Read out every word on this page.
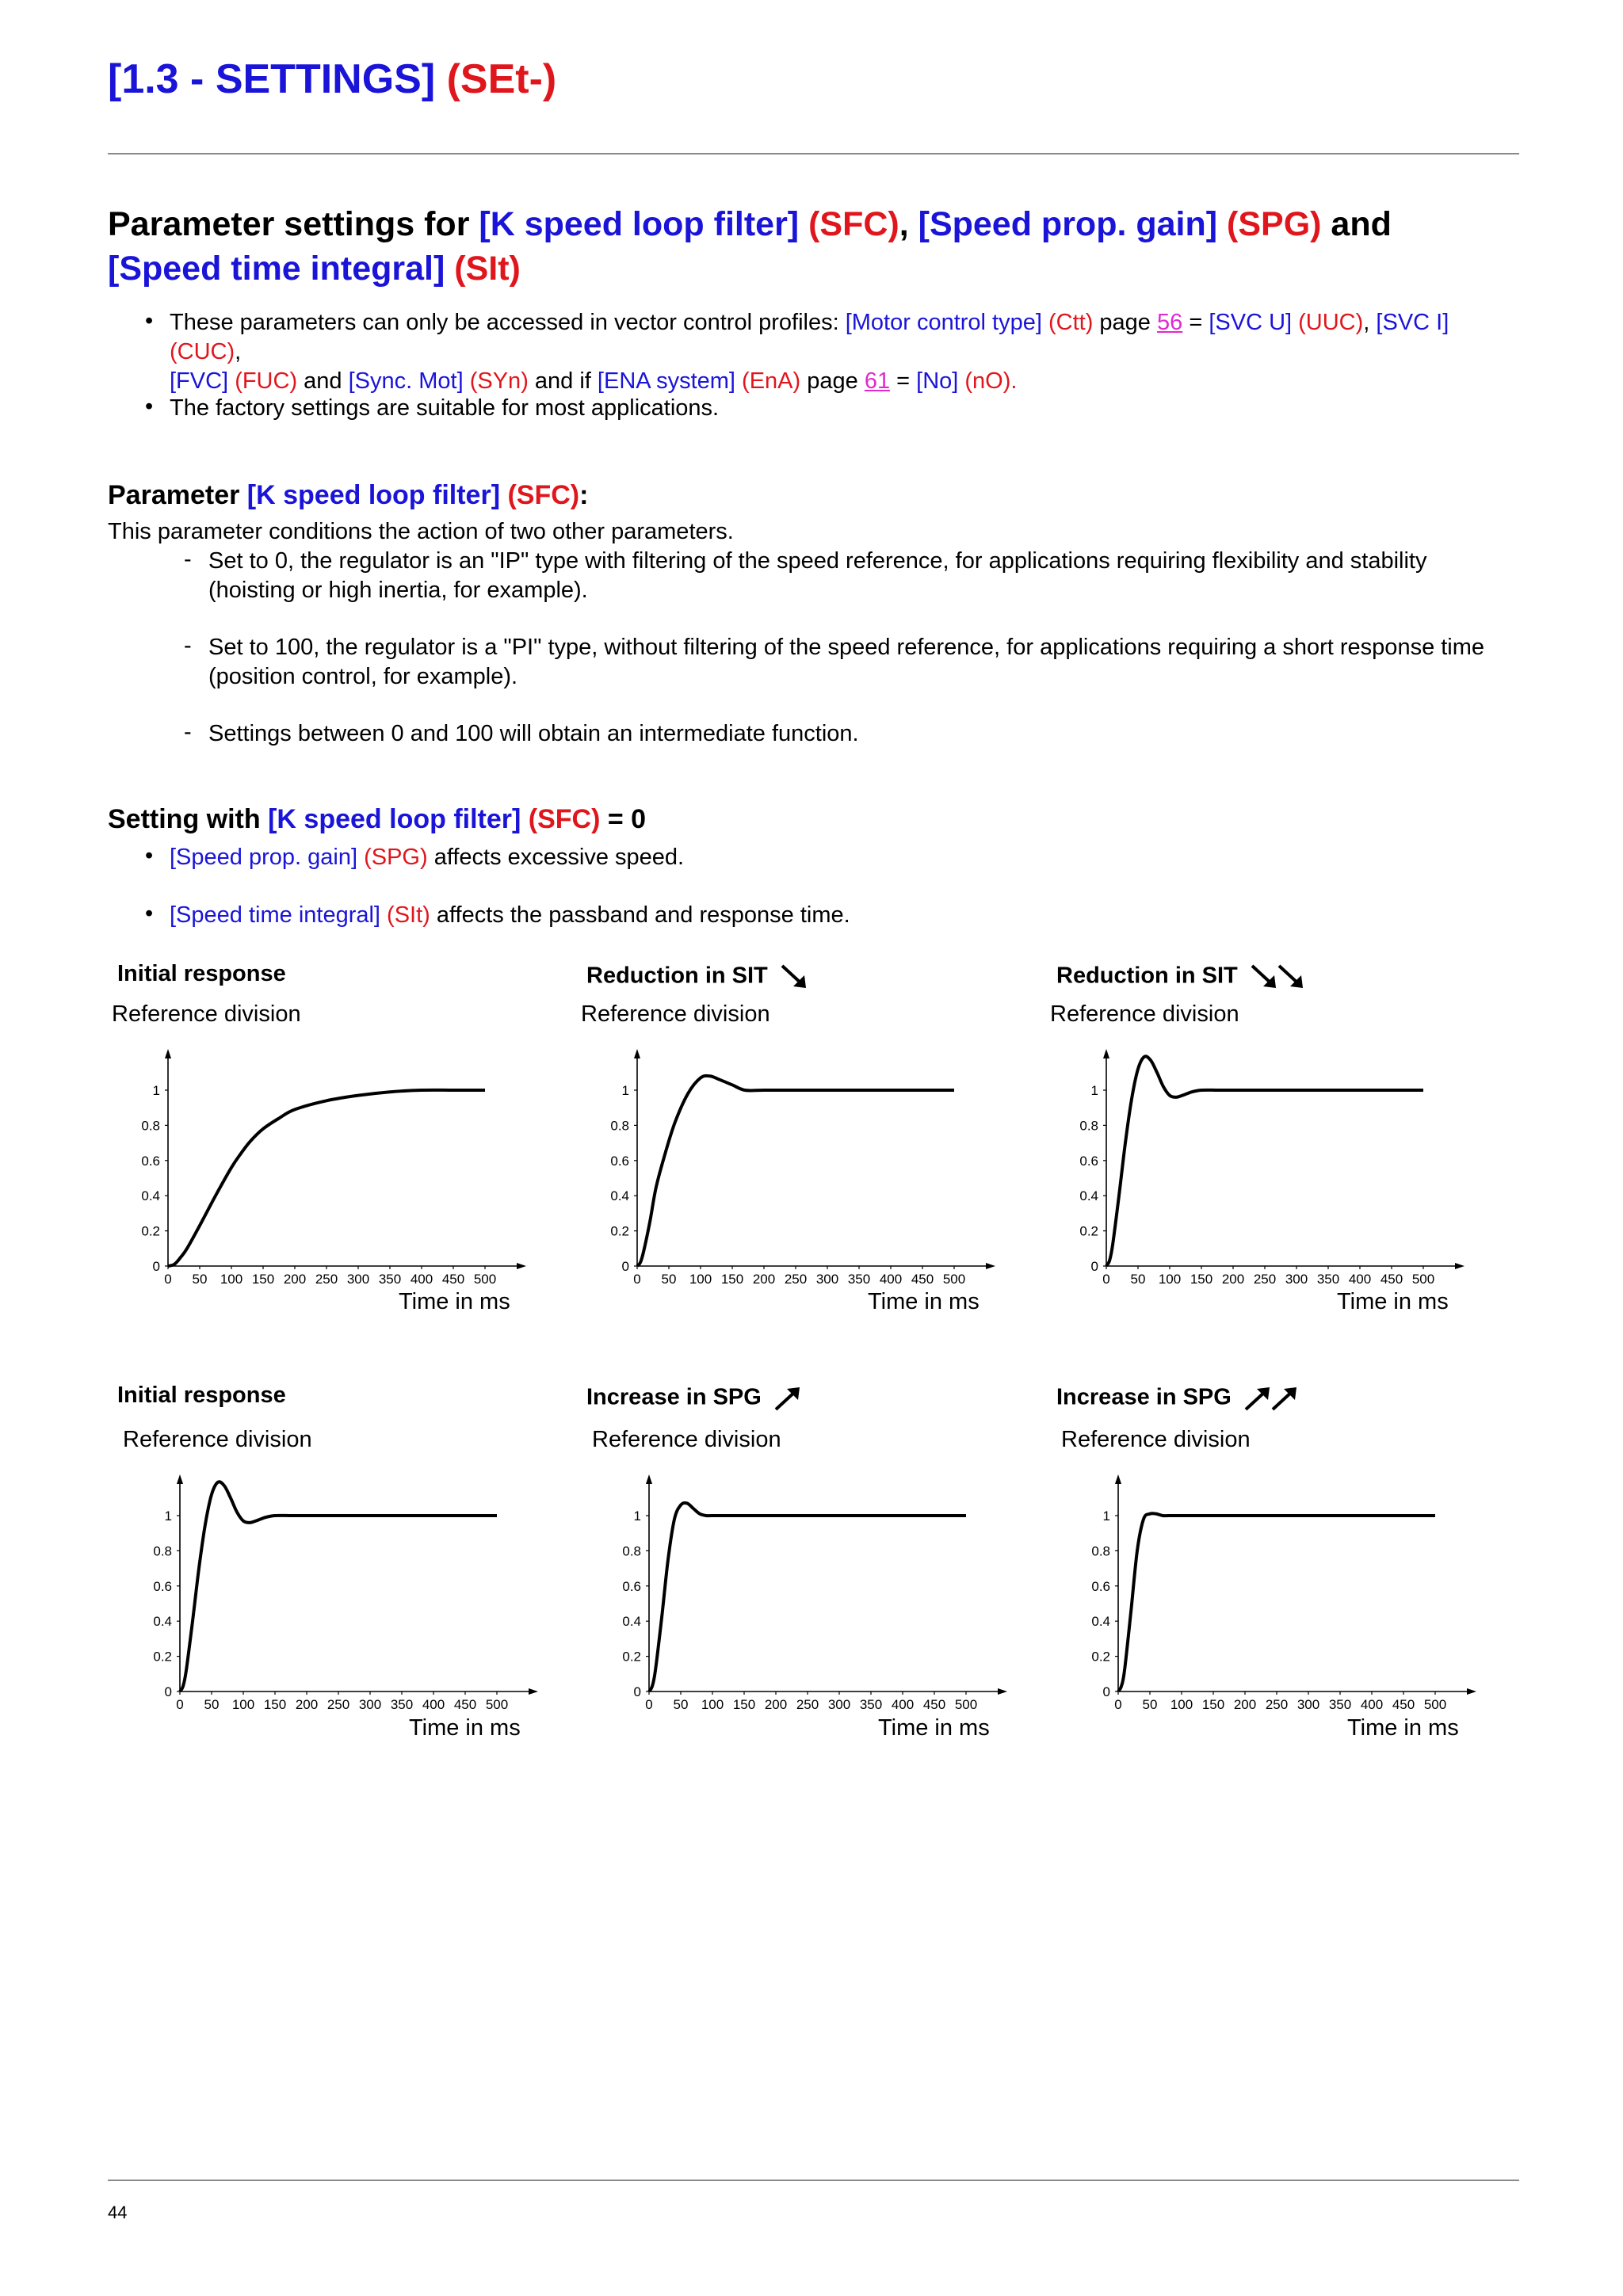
[1.3 - SETTINGS] (SEt-)
Parameter settings for [K speed loop filter] (SFC), [Speed prop. gain] (SPG) and
[Speed time integral] (SIt)
• These parameters can only be accessed in vector control profiles: [Motor control type] (Ctt) page 56 = [SVC U] (UUC), [SVC I] (CUC),
[FVC] (FUC) and [Sync. Mot] (SYn) and if [ENA system] (EnA) page 61 = [No] (nO).
• The factory settings are suitable for most applications.
Parameter [K speed loop filter] (SFC):
This parameter conditions the action of two other parameters.
- Set to 0, the regulator is an "IP" type with filtering of the speed reference, for applications requiring flexibility and stability (hoisting or high inertia, for example).
- Set to 100, the regulator is a "PI" type, without filtering of the speed reference, for applications requiring a short response time (position control, for example).
- Settings between 0 and 100 will obtain an intermediate function.
Setting with [K speed loop filter] (SFC) = 0
• [Speed prop. gain] (SPG) affects excessive speed.
• [Speed time integral] (SIt) affects the passband and response time.
Initial response
Reference division
Time in ms
0
0.2
0.4
0.6
0.8
1
0 50 100 150 200 250 300 350 400 450 500
Reduction in SIT
Reference division
Time in ms
0
0.2
0.4
0.6
0.8
1
0 50 100 150 200 250 300 350 400 450 500
Reduction in SIT
Reference division
Time in ms
0
0.2
0.4
0.6
0.8
1
0 50 100 150 200 250 300 350 400 450 500
Initial response
Reference division
Time in ms
0
0.2
0.4
0.6
0.8
1
0 50 100 150 200 250 300 350 400 450 500
Increase in SPG
Reference division
Time in ms
0
0.2
0.4
0.6
0.8
1
0 50 100 150 200 250 300 350 400 450 500
Increase in SPG
Reference division
Time in ms
0
0.2
0.4
0.6
0.8
1
0 50 100 150 200 250 300 350 400 450 500
44
